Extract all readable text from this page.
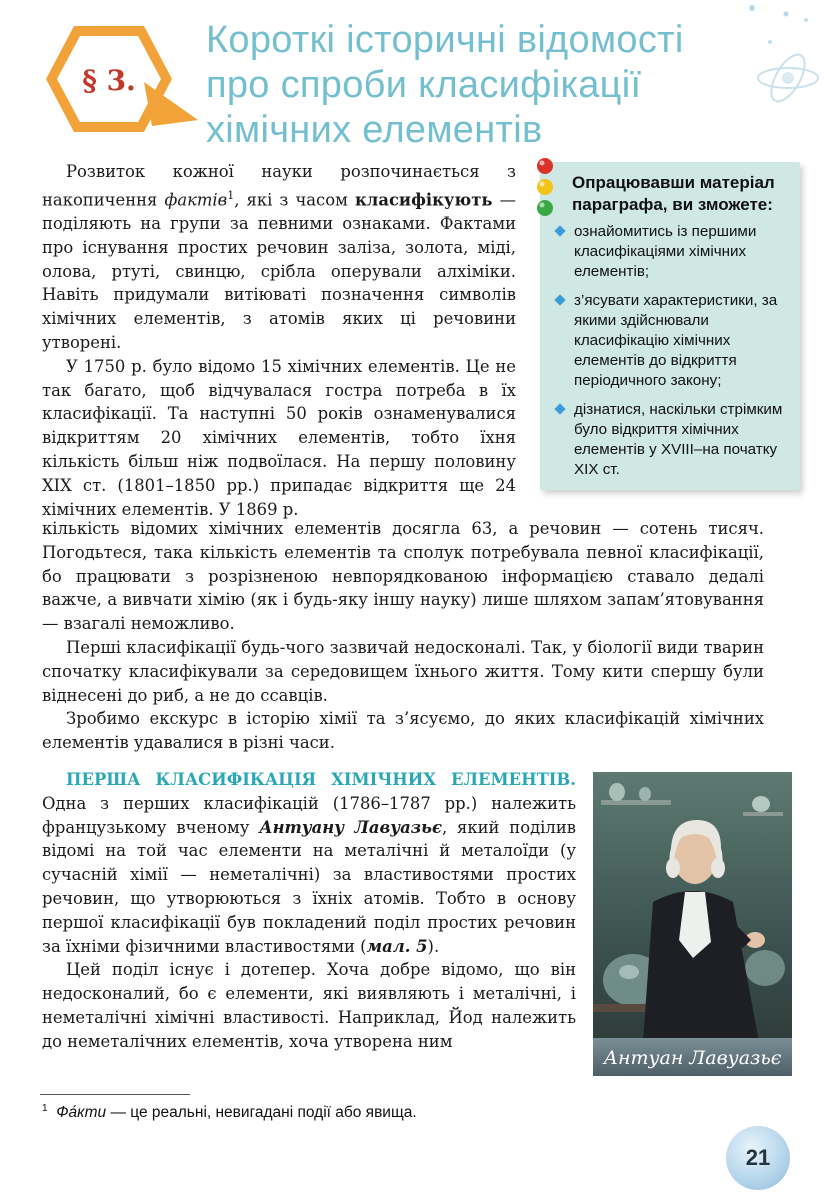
§ 3.
Короткі історичні відомості
про спроби класифікації
хімічних елементів

Розвиток кожної науки розпочинається з накопичення фактів$^1$, які з часом класифікують — поділяють на групи за певними ознаками. Фактами про існування простих речовин заліза, золота, міді, олова, ртуті, свинцю, срібла оперували алхіміки. Навіть придумали витіюваті позначення символів хімічних елементів, з атомів яких ці речовини утворені.

У 1750 р. було відомо 15 хімічних елементів. Це не так багато, щоб відчувалася гостра потреба в їх класифікації. Та наступні 50 років ознаменувалися відкриттям 20 хімічних елементів, тобто їхня кількість більш ніж подвоїлася. На першу половину XIX ст. (1801–1850 рр.) припадає відкриття ще 24 хімічних елементів. У 1869 р.

Опрацювавши матеріал параграфа, ви зможете:
ознайомитись із першими класифікаціями хімічних елементів;
з’ясувати характеристики, за якими здійснювали класифікацію хімічних елементів до відкриття періодичного закону;
дізнатися, наскільки стрімким було відкриття хімічних елементів у XVIII–на початку XIX ст.

кількість відомих хімічних елементів досягла 63, а речовин — сотень тисяч. Погодьтеся, така кількість елементів та сполук потребувала певної класифікації, бо працювати з розрізненою невпорядкованою інформацією ставало дедалі важче, а вивчати хімію (як і будь-яку іншу науку) лише шляхом запам’ятовування — взагалі неможливо.

Перші класифікації будь-чого зазвичай недосконалі. Так, у біології види тварин спочатку класифікували за середовищем їхнього життя. Тому кити спершу були віднесені до риб, а не до ссавців.

Зробимо екскурс в історію хімії та з’ясуємо, до яких класифікацій хімічних елементів удавалися в різні часи.

ПЕРША КЛАСИФІКАЦІЯ ХІМІЧНИХ ЕЛЕМЕНТІВ. Одна з перших класифікацій (1786–1787 рр.) належить французькому вченому Антуану Лавуазьє, який поділив відомі на той час елементи на металічні й металоїди (у сучасній хімії — неметалічні) за властивостями простих речовин, що утворюються з їхніх атомів. Тобто в основу першої класифікації був покладений поділ простих речовин за їхніми фізичними властивостями (мал. 5).

Цей поділ існує і дотепер. Хоча добре відомо, що він недосконалий, бо є елементи, які виявляють і металічні, і неметалічні хімічні властивості. Наприклад, Йод належить до неметалічних елементів, хоча утворена ним

Антуан Лавуазьє
$^1$ Фа́кти — це реальні, невигадані події або явища.
21
